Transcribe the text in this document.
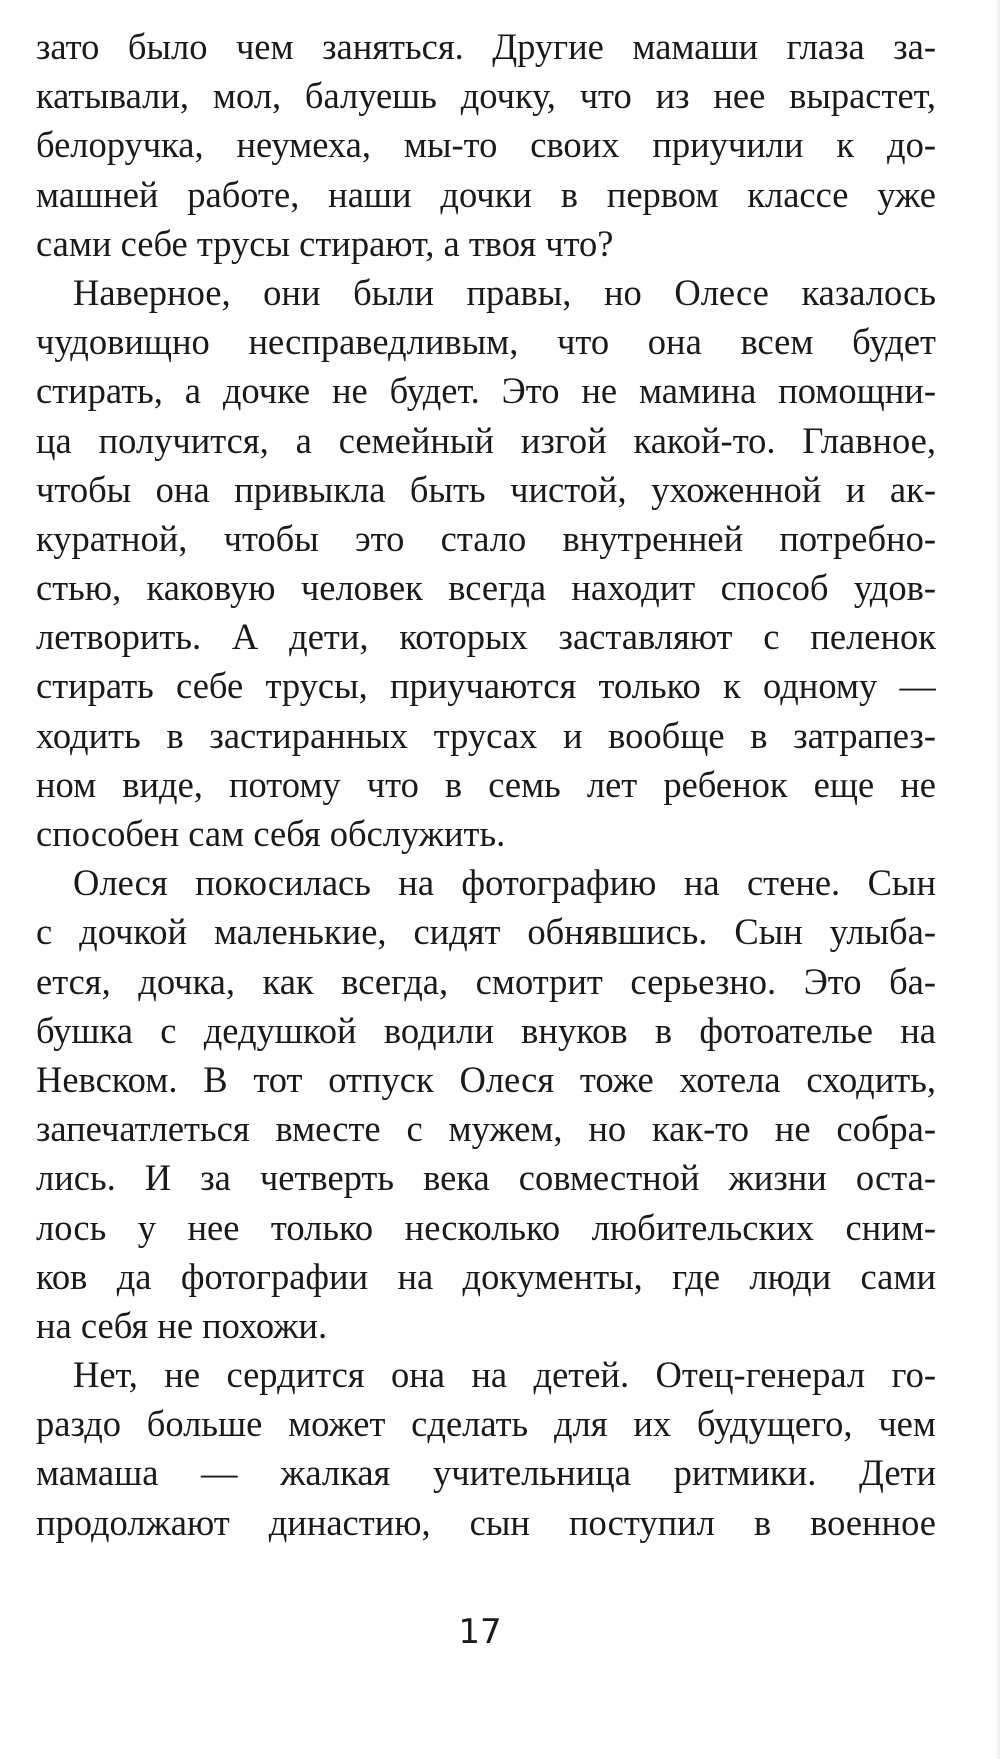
зато было чем заняться. Другие мамаши глаза за-
катывали, мол, балуешь дочку, что из нее вырастет,
белоручка, неумеха, мы-то своих приучили к до-
машней работе, наши дочки в первом классе уже
сами себе трусы стирают, а твоя что?
Наверное, они были правы, но Олесе казалось
чудовищно несправедливым, что она всем будет
стирать, а дочке не будет. Это не мамина помощни-
ца получится, а семейный изгой какой-то. Главное,
чтобы она привыкла быть чистой, ухоженной и ак-
куратной, чтобы это стало внутренней потребно-
стью, каковую человек всегда находит способ удов-
летворить. А дети, которых заставляют с пеленок
стирать себе трусы, приучаются только к одному —
ходить в застиранных трусах и вообще в затрапез-
ном виде, потому что в семь лет ребенок еще не
способен сам себя обслужить.
Олеся покосилась на фотографию на стене. Сын
с дочкой маленькие, сидят обнявшись. Сын улыба-
ется, дочка, как всегда, смотрит серьезно. Это ба-
бушка с дедушкой водили внуков в фотоателье на
Невском. В тот отпуск Олеся тоже хотела сходить,
запечатлеться вместе с мужем, но как-то не собра-
лись. И за четверть века совместной жизни оста-
лось у нее только несколько любительских сним-
ков да фотографии на документы, где люди сами
на себя не похожи.
Нет, не сердится она на детей. Отец-генерал го-
раздо больше может сделать для их будущего, чем
мамаша — жалкая учительница ритмики. Дети
продолжают династию, сын поступил в военное
17
